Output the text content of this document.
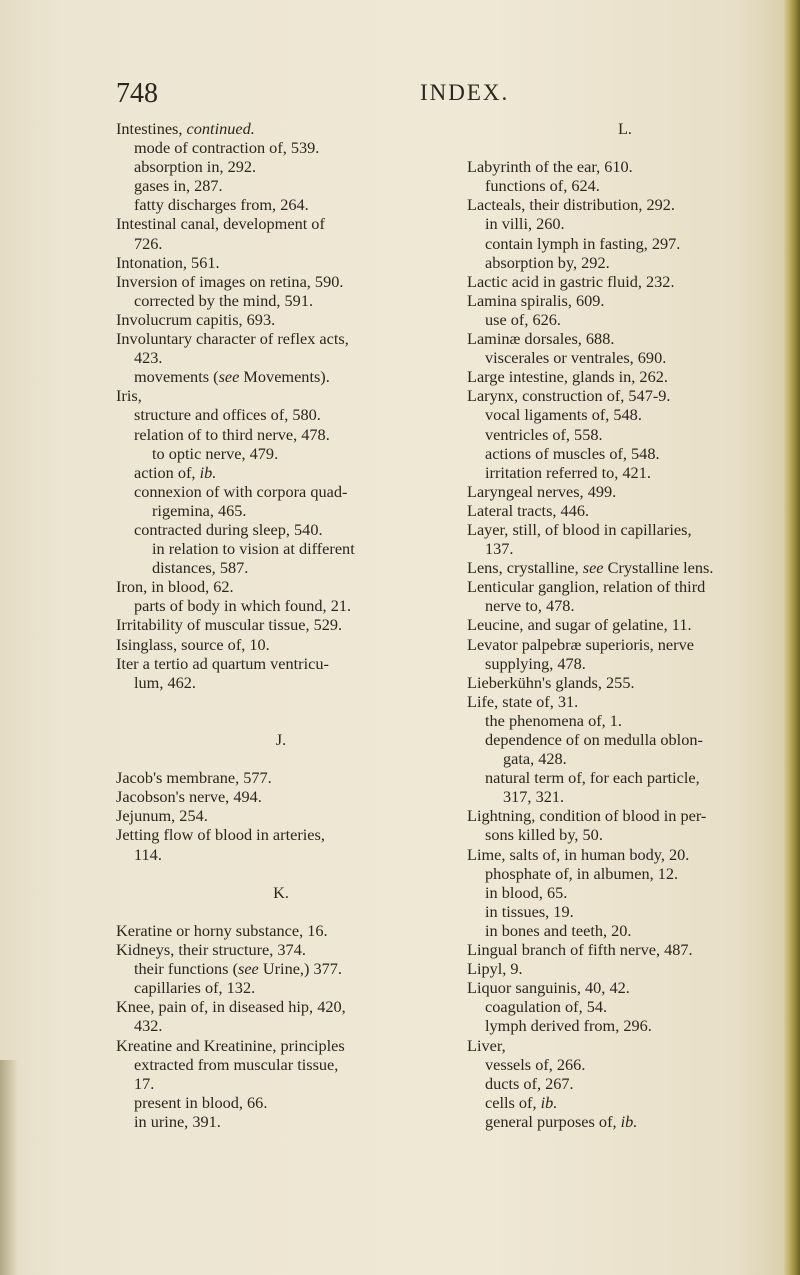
748	INDEX.
Intestines, continued.
mode of contraction of, 539.
absorption in, 292.
gases in, 287.
fatty discharges from, 264.
Intestinal canal, development of
726.
Intonation, 561.
Inversion of images on retina, 590.
corrected by the mind, 591.
Involucrum capitis, 693.
Involuntary character of reflex acts,
423.
movements (see Movements).
Iris,
structure and offices of, 580.
relation of to third nerve, 478.
to optic nerve, 479.
action of, ib.
connexion of with corpora quad-
rigemina, 465.
contracted during sleep, 540.
in relation to vision at different
distances, 587.
Iron, in blood, 62.
parts of body in which found, 21.
Irritability of muscular tissue, 529.
Isinglass, source of, 10.
Iter a tertio ad quartum ventricu-
lum, 462.
J.
Jacob's membrane, 577.
Jacobson's nerve, 494.
Jejunum, 254.
Jetting flow of blood in arteries,
114.
K.
Keratine or horny substance, 16.
Kidneys, their structure, 374.
their functions (see Urine,) 377.
capillaries of, 132.
Knee, pain of, in diseased hip, 420,
432.
Kreatine and Kreatinine, principles
extracted from muscular tissue,
17.
present in blood, 66.
in urine, 391.
L.
Labyrinth of the ear, 610.
functions of, 624.
Lacteals, their distribution, 292.
in villi, 260.
contain lymph in fasting, 297.
absorption by, 292.
Lactic acid in gastric fluid, 232.
Lamina spiralis, 609.
use of, 626.
Laminæ dorsales, 688.
viscerales or ventrales, 690.
Large intestine, glands in, 262.
Larynx, construction of, 547-9.
vocal ligaments of, 548.
ventricles of, 558.
actions of muscles of, 548.
irritation referred to, 421.
Laryngeal nerves, 499.
Lateral tracts, 446.
Layer, still, of blood in capillaries,
137.
Lens, crystalline, see Crystalline lens.
Lenticular ganglion, relation of third
nerve to, 478.
Leucine, and sugar of gelatine, 11.
Levator palpebræ superioris, nerve
supplying, 478.
Lieberkühn's glands, 255.
Life, state of, 31.
the phenomena of, 1.
dependence of on medulla oblon-
gata, 428.
natural term of, for each particle,
317, 321.
Lightning, condition of blood in per-
sons killed by, 50.
Lime, salts of, in human body, 20.
phosphate of, in albumen, 12.
in blood, 65.
in tissues, 19.
in bones and teeth, 20.
Lingual branch of fifth nerve, 487.
Lipyl, 9.
Liquor sanguinis, 40, 42.
coagulation of, 54.
lymph derived from, 296.
Liver,
vessels of, 266.
ducts of, 267.
cells of, ib.
general purposes of, ib.
